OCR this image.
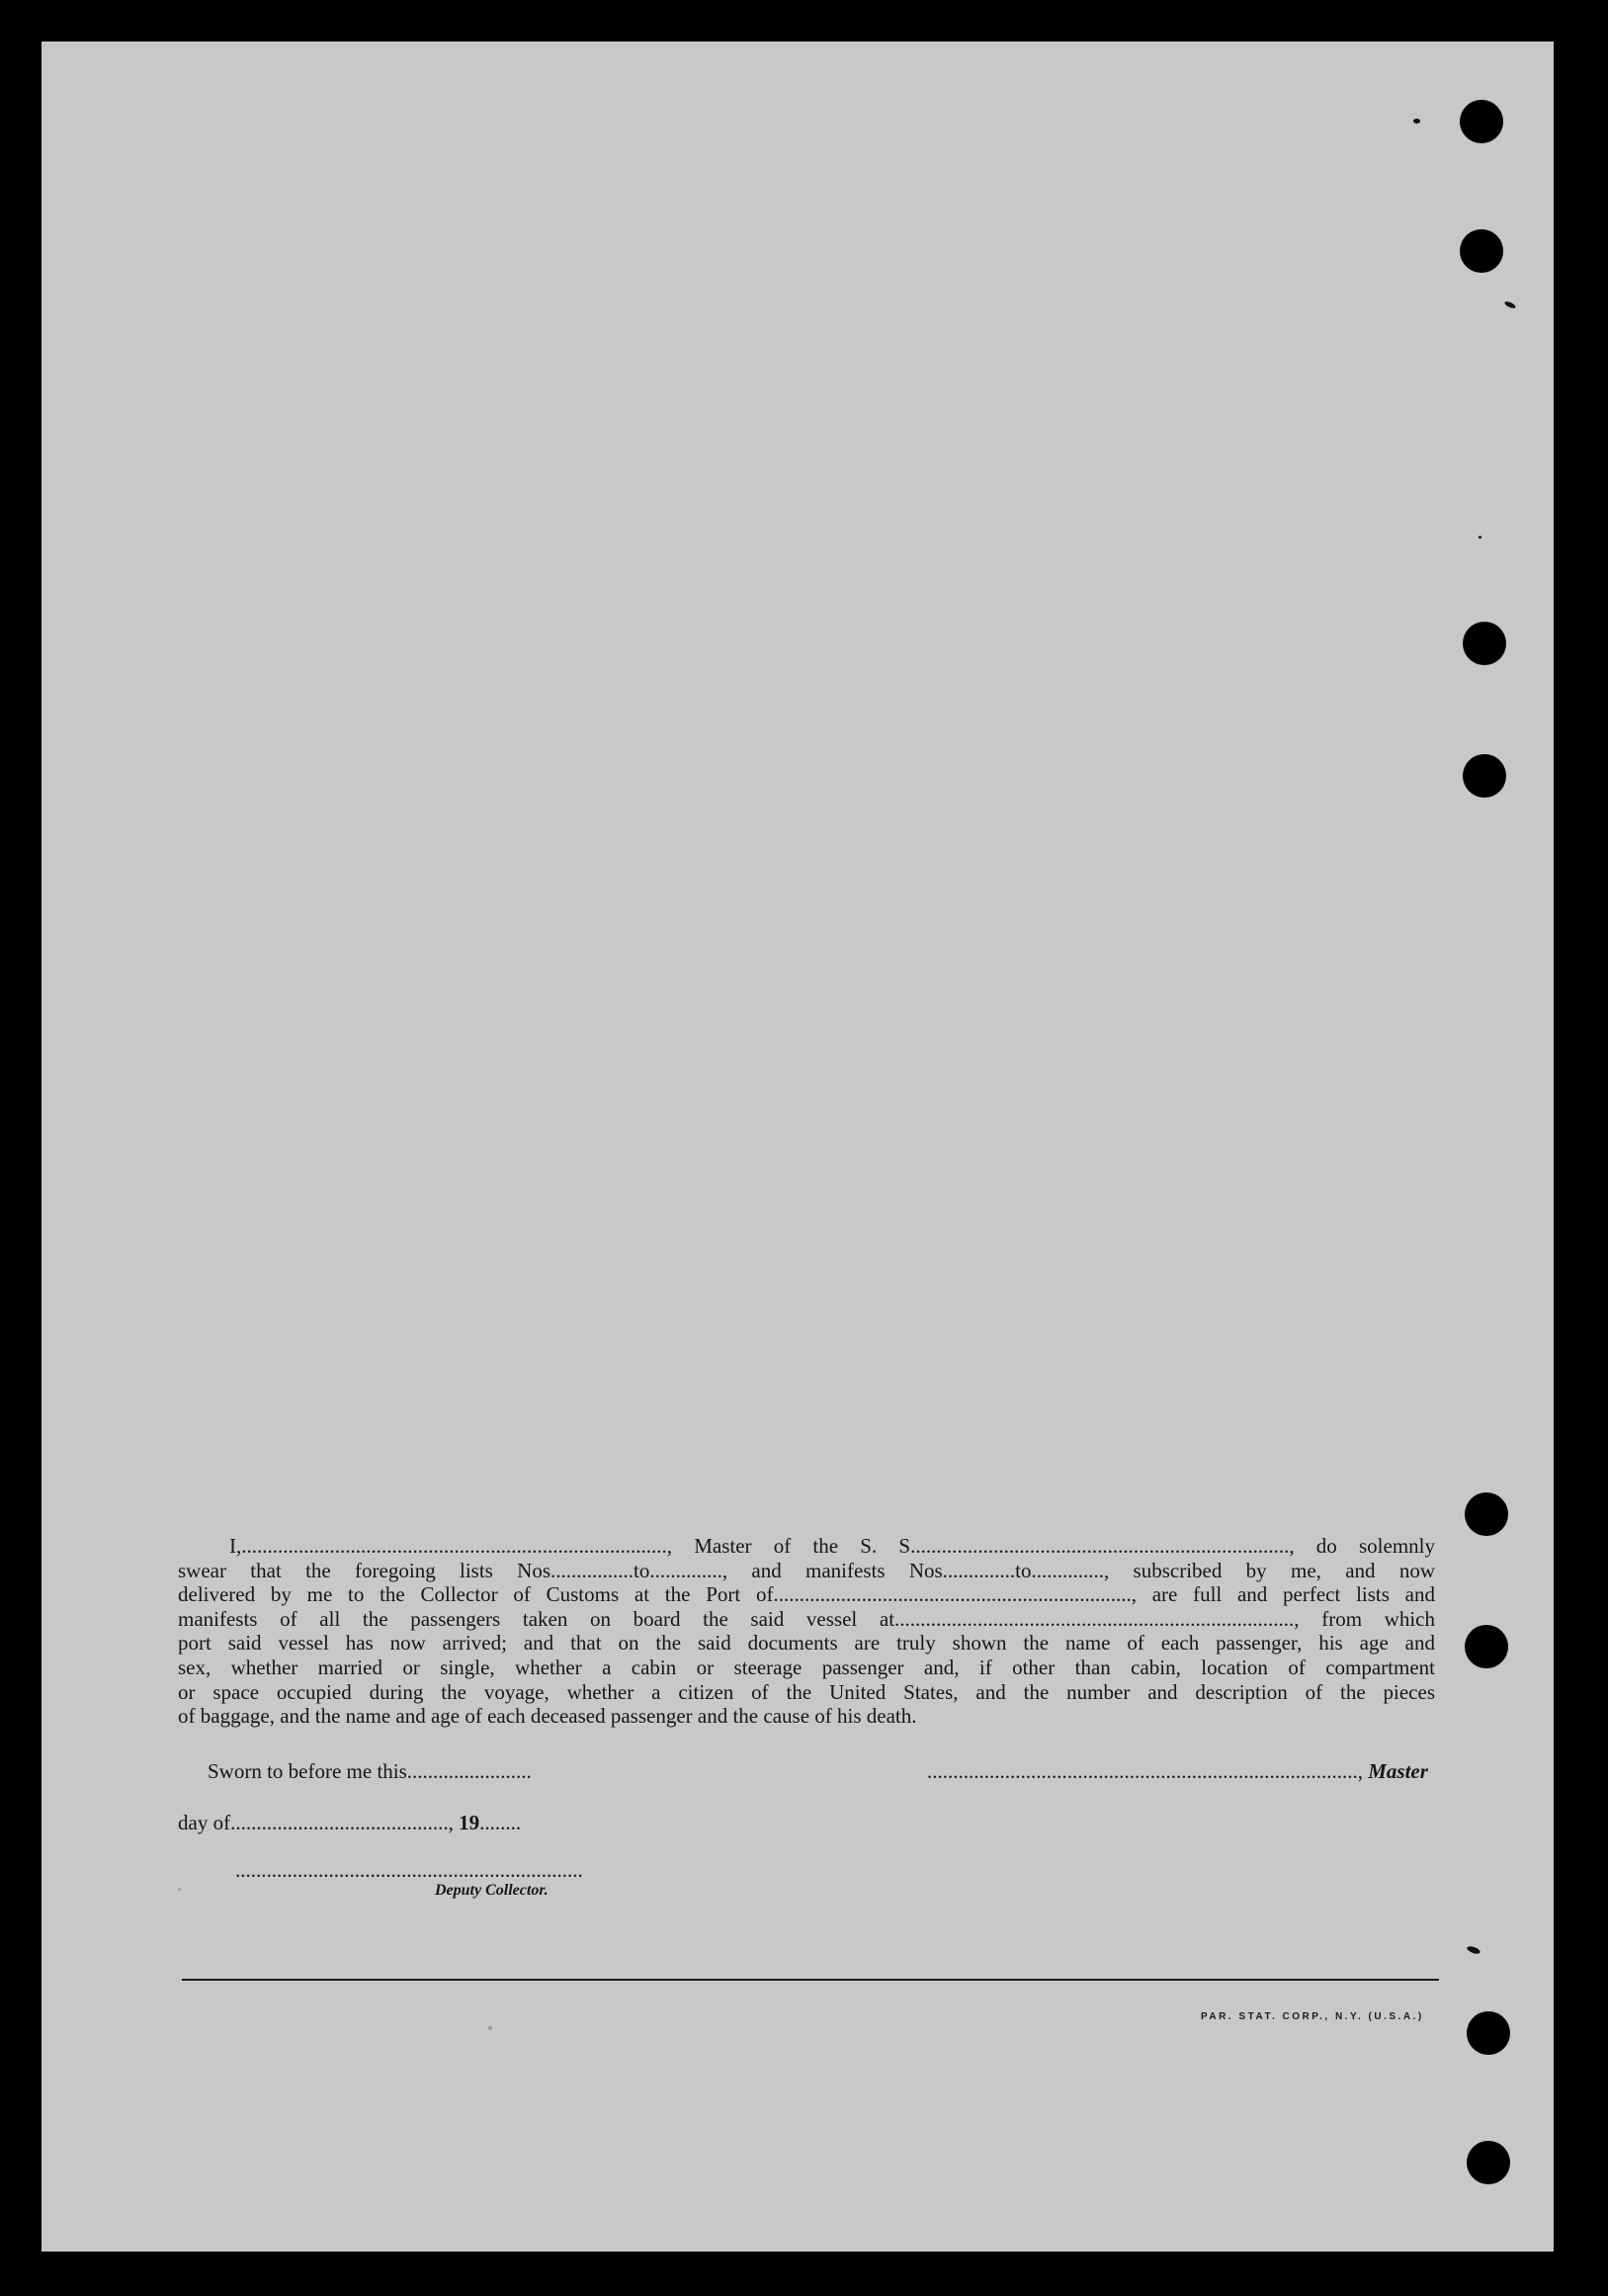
I,.................................................................................., Master of the S. S........................................................................., do solemnly
swear that the foregoing lists Nos................to.............., and manifests Nos..............to.............., subscribed by me, and now
delivered by me to the Collector of Customs at the Port of....................................................................., are full and perfect lists and
manifests of all the passengers taken on board the said vessel at............................................................................., from which
port said vessel has now arrived; and that on the said documents are truly shown the name of each passenger, his age and
sex, whether married or single, whether a cabin or steerage passenger and, if other than cabin, location of compartment
or space occupied during the voyage, whether a citizen of the United States, and the number and description of the pieces
of baggage, and the name and age of each deceased passenger and the cause of his death.
Sworn to before me this........................	..................................................................................., Master
day of.........................................., 19........
...................................................................
Deputy Collector.
PAR. STAT. CORP., N.Y. (U.S.A.)
